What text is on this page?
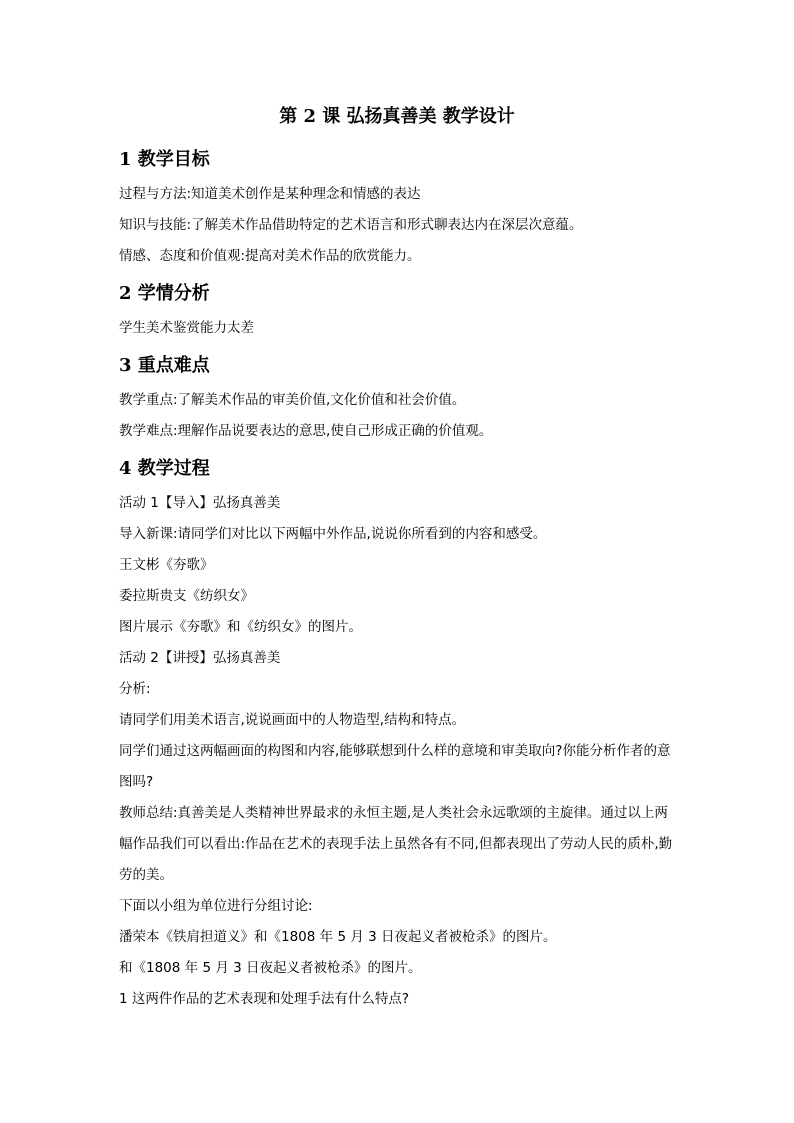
第 2 课 弘扬真善美 教学设计
1 教学目标
过程与方法:知道美术创作是某种理念和情感的表达
知识与技能:了解美术作品借助特定的艺术语言和形式聊表达内在深层次意蕴。
情感、态度和价值观:提高对美术作品的欣赏能力。
2 学情分析
学生美术鉴赏能力太差
3 重点难点
教学重点:了解美术作品的审美价值,文化价值和社会价值。
教学难点:理解作品说要表达的意思,使自己形成正确的价值观。
4 教学过程
活动 1【导入】弘扬真善美
导入新课:请同学们对比以下两幅中外作品,说说你所看到的内容和感受。
王文彬《夯歌》
委拉斯贵支《纺织女》
图片展示《夯歌》和《纺织女》的图片。
活动 2【讲授】弘扬真善美
分析:
请同学们用美术语言,说说画面中的人物造型,结构和特点。
同学们通过这两幅画面的构图和内容,能够联想到什么样的意境和审美取向?你能分析作者的意图吗?
教师总结:真善美是人类精神世界最求的永恒主题,是人类社会永远歌颂的主旋律。通过以上两幅作品我们可以看出:作品在艺术的表现手法上虽然各有不同,但都表现出了劳动人民的质朴,勤劳的美。
下面以小组为单位进行分组讨论:
潘荣本《铁肩担道义》和《1808 年 5 月 3 日夜起义者被枪杀》的图片。
和《1808 年 5 月 3 日夜起义者被枪杀》的图片。
1 这两件作品的艺术表现和处理手法有什么特点?
